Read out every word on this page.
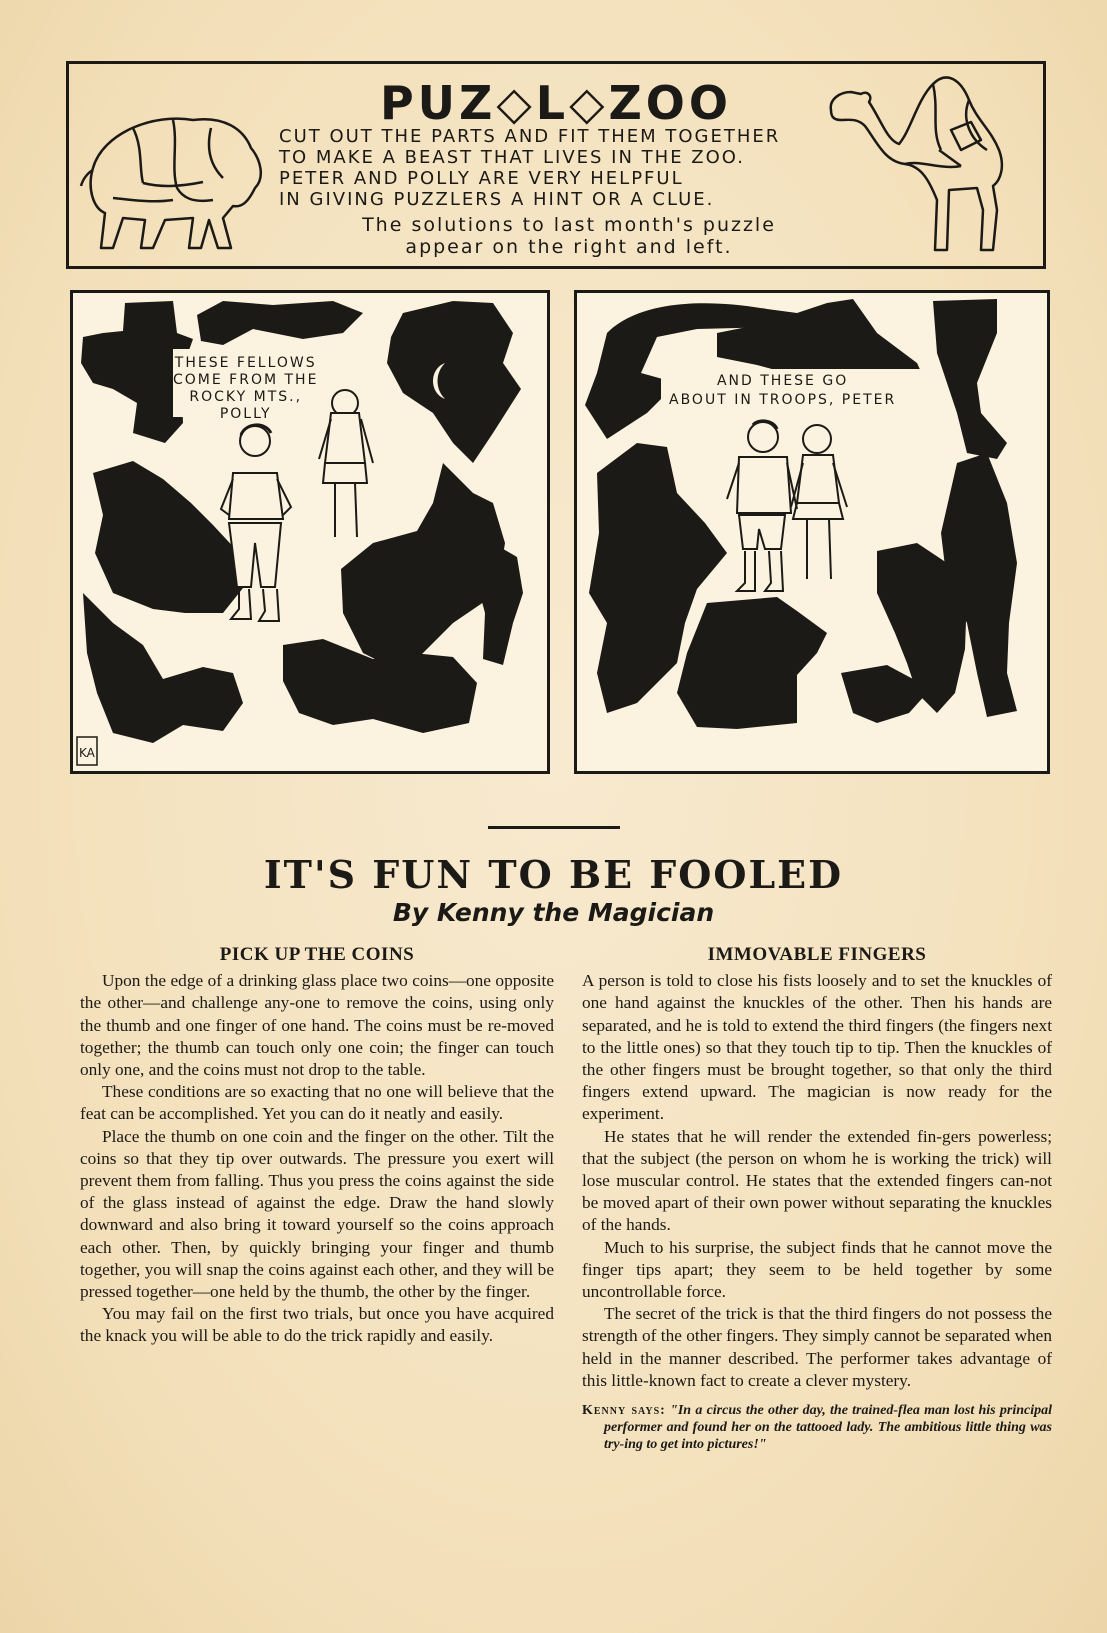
PUZ◇L◇ZOO
CUT OUT THE PARTS AND FIT THEM TOGETHER
TO MAKE A BEAST THAT LIVES IN THE ZOO.
PETER AND POLLY ARE VERY HELPFUL
IN GIVING PUZZLERS A HINT OR A CLUE.
The solutions to last month's puzzle
appear on the right and left.
KA
THESE FELLOWS
COME FROM THE
ROCKY MTS.,
POLLY
AND THESE GO
ABOUT IN TROOPS, PETER
IT'S FUN TO BE FOOLED
By Kenny the Magician
PICK UP THE COINS

Upon the edge of a drinking glass place two coins—one opposite the other—and challenge any-one to remove the coins, using only the thumb and one finger of one hand. The coins must be re-moved together; the thumb can touch only one coin; the finger can touch only one, and the coins must not drop to the table.

These conditions are so exacting that no one will believe that the feat can be accomplished. Yet you can do it neatly and easily.

Place the thumb on one coin and the finger on the other. Tilt the coins so that they tip over outwards. The pressure you exert will prevent them from falling. Thus you press the coins against the side of the glass instead of against the edge. Draw the hand slowly downward and also bring it toward yourself so the coins approach each other. Then, by quickly bringing your finger and thumb together, you will snap the coins against each other, and they will be pressed together—one held by the thumb, the other by the finger.

You may fail on the first two trials, but once you have acquired the knack you will be able to do the trick rapidly and easily.

IMMOVABLE FINGERS

A person is told to close his fists loosely and to set the knuckles of one hand against the knuckles of the other. Then his hands are separated, and he is told to extend the third fingers (the fingers next to the little ones) so that they touch tip to tip. Then the knuckles of the other fingers must be brought together, so that only the third fingers extend upward. The magician is now ready for the experiment.

He states that he will render the extended fin-gers powerless; that the subject (the person on whom he is working the trick) will lose muscular control. He states that the extended fingers can-not be moved apart of their own power without separating the knuckles of the hands.

Much to his surprise, the subject finds that he cannot move the finger tips apart; they seem to be held together by some uncontrollable force.

The secret of the trick is that the third fingers do not possess the strength of the other fingers. They simply cannot be separated when held in the manner described. The performer takes advantage of this little-known fact to create a clever mystery.

Kenny says: "In a circus the other day, the trained-flea man lost his principal performer and found her on the tattooed lady. The ambitious little thing was try-ing to get into pictures!"
